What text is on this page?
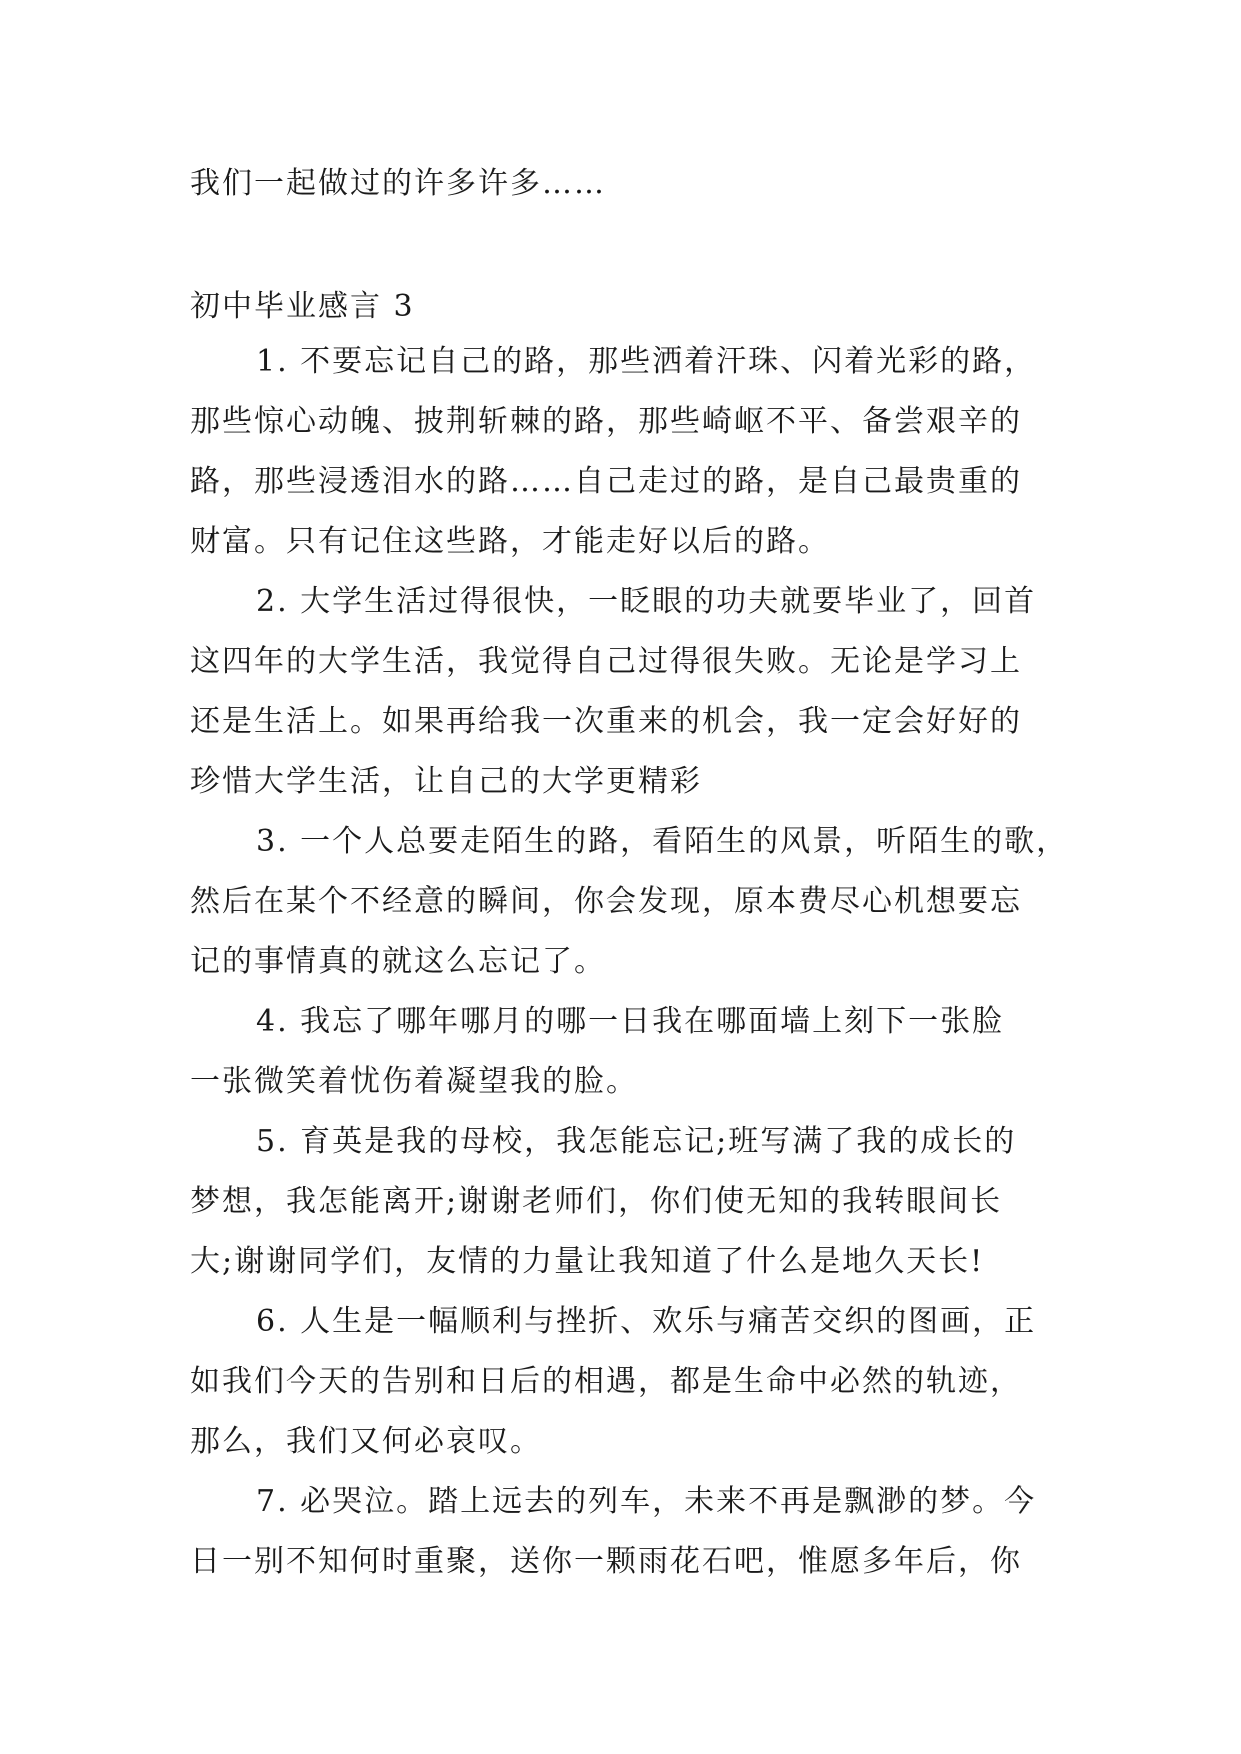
我们一起做过的许多许多……
初中毕业感言 3
1. 不要忘记自己的路，那些洒着汗珠、闪着光彩的路，
那些惊心动魄、披荆斩棘的路，那些崎岖不平、备尝艰辛的
路，那些浸透泪水的路……自己走过的路，是自己最贵重的
财富。只有记住这些路，才能走好以后的路。
2. 大学生活过得很快，一眨眼的功夫就要毕业了，回首
这四年的大学生活，我觉得自己过得很失败。无论是学习上
还是生活上。如果再给我一次重来的机会，我一定会好好的
珍惜大学生活，让自己的大学更精彩
3. 一个人总要走陌生的路，看陌生的风景，听陌生的歌，
然后在某个不经意的瞬间，你会发现，原本费尽心机想要忘
记的事情真的就这么忘记了。
4. 我忘了哪年哪月的哪一日我在哪面墙上刻下一张脸
一张微笑着忧伤着凝望我的脸。
5. 育英是我的母校，我怎能忘记;班写满了我的成长的
梦想，我怎能离开;谢谢老师们，你们使无知的我转眼间长
大;谢谢同学们，友情的力量让我知道了什么是地久天长!
6. 人生是一幅顺利与挫折、欢乐与痛苦交织的图画，正
如我们今天的告别和日后的相遇，都是生命中必然的轨迹，
那么，我们又何必哀叹。
7. 必哭泣。踏上远去的列车，未来不再是飘渺的梦。今
日一别不知何时重聚，送你一颗雨花石吧，惟愿多年后，你
